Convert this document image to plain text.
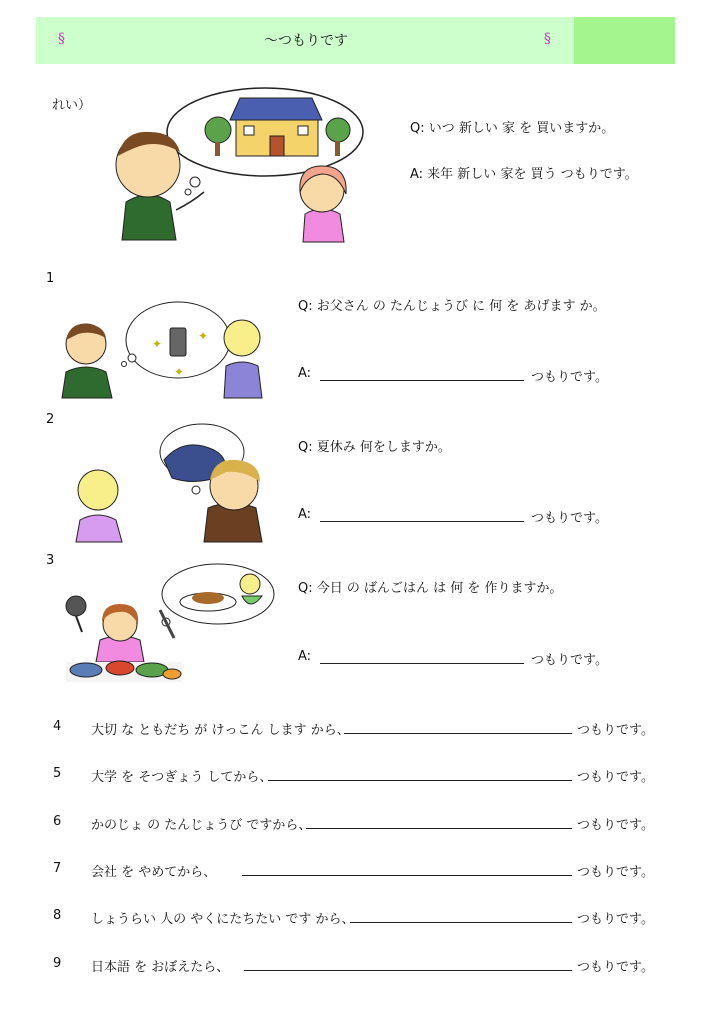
§	〜つもりです	§
れい）
Q: いつ 新しい 家 を 買いますか。
A: 来年 新しい 家を 買う つもりです。
1
✦
✦
✦
Q: お父さん の たんじょうび に 何 を あげます か。
A:	つもりです。
2
Q: 夏休み 何をしますか。
A:	つもりです。
3
Q: 今日 の ばんごはん は 何 を 作りますか。
A:	つもりです。
4 大切 な ともだち が けっこん します から、	つもりです。
5 大学 を そつぎょう してから、	つもりです。
6 かのじょ の たんじょうび ですから、	つもりです。
7 会社 を やめてから、	つもりです。
8 しょうらい 人の やくにたちたい です から、	つもりです。
9 日本語 を おぼえたら、	つもりです。
